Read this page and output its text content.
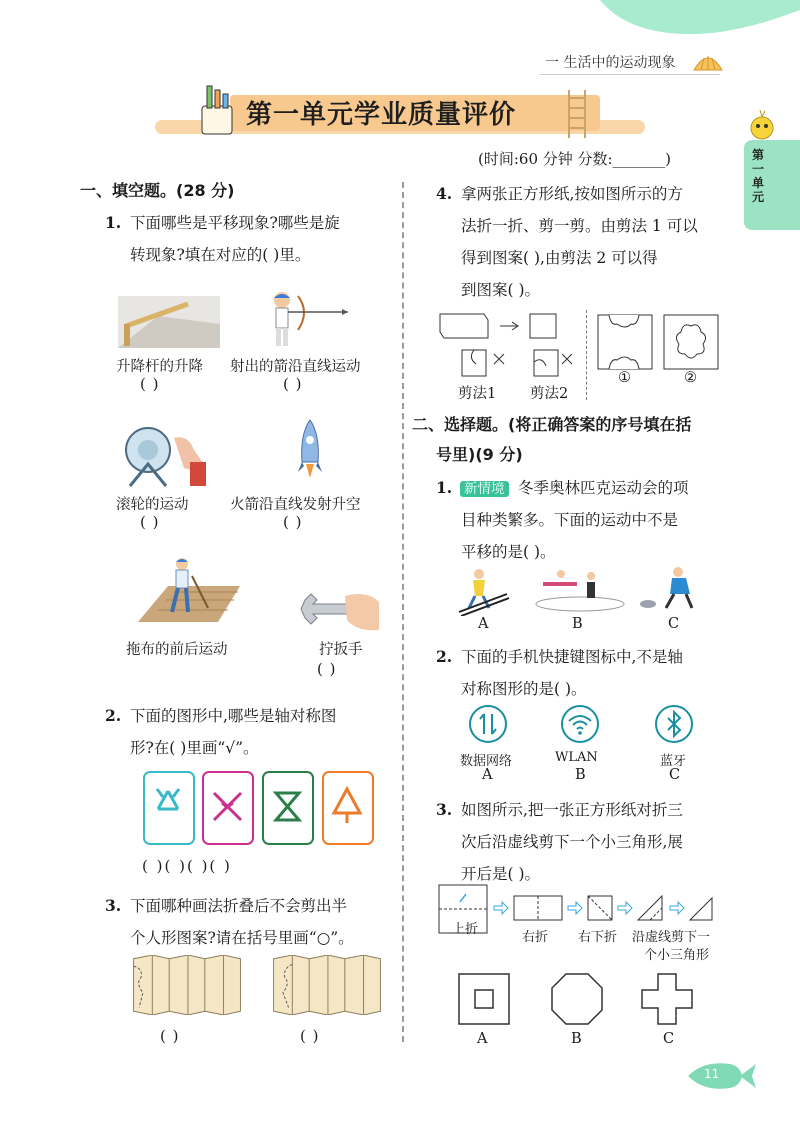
一 生活中的运动现象
第一单元
第一单元学业质量评价
(时间:60 分钟 分数:_______)
一、填空题。(28 分)
1. 下面哪些是平移现象?哪些是旋
转现象?填在对应的( )里。
升降杆的升降
( )
射出的箭沿直线运动
( )
滚轮的运动
( )
火箭沿直线发射升空
( )
拖布的前后运动	拧扳手
( )
2. 下面的图形中,哪些是轴对称图
形?在( )里画“√”。
( )( )( )( )
3. 下面哪种画法折叠后不会剪出半
个人形图案?请在括号里画“○”。
( )	( )
4. 拿两张正方形纸,按如图所示的方
法折一折、剪一剪。由剪法 1 可以
得到图案( ),由剪法 2 可以得
到图案( )。
剪法1 剪法2
①	②
二、选择题。(将正确答案的序号填在括
号里)(9 分)
1. 新情境 冬季奥林匹克运动会的项
目种类繁多。下面的运动中不是
平移的是( )。
A	B	C
2. 下面的手机快捷键图标中,不是轴
对称图形的是( )。
数据网络	WLAN	蓝牙
A	B	C
3. 如图所示,把一张正方形纸对折三
次后沿虚线剪下一个小三角形,展
开后是( )。
上折
右折 右下折 沿虚线剪下一
个小三角形
A	B	C
11
